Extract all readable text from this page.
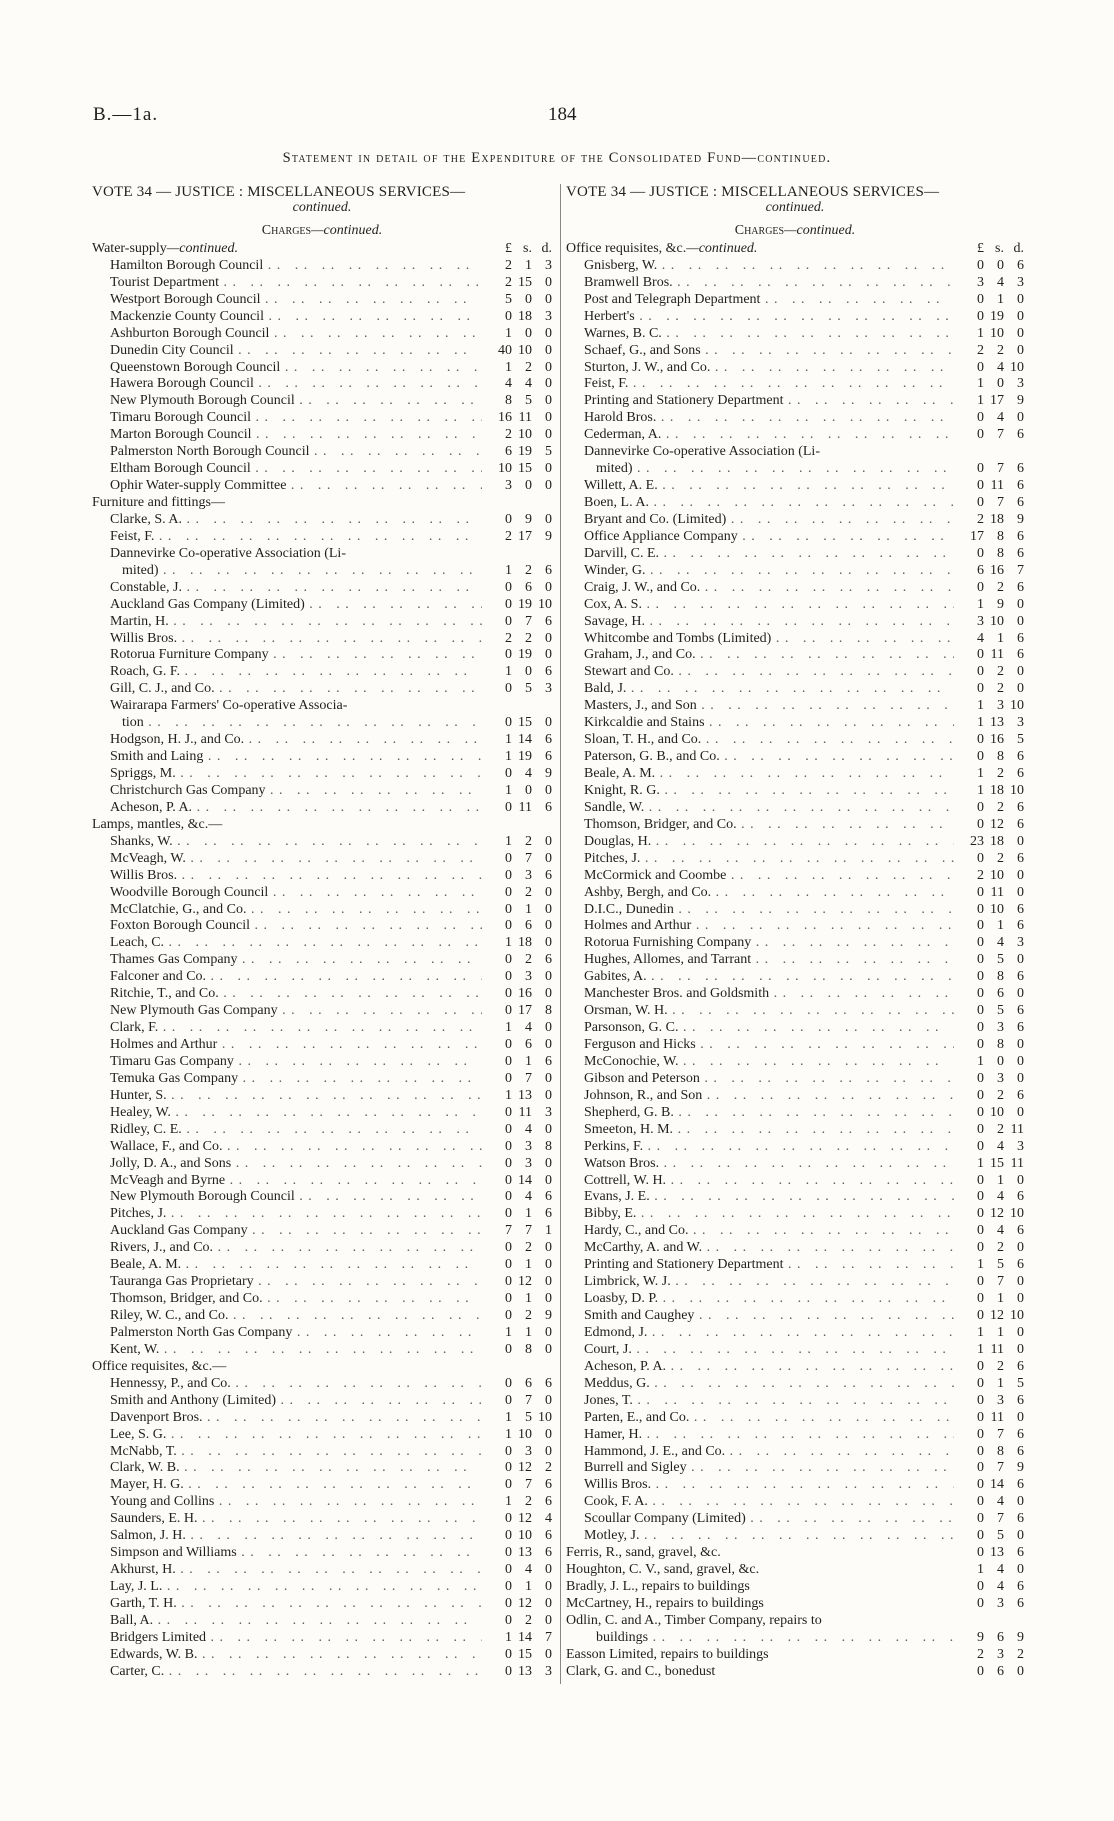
B.—1a.	184
Statement in detail of the Expenditure of the Consolidated Fund—continued.
VOTE 34 — JUSTICE : MISCELLANEOUS SERVICES—
continued.
Charges—continued.
Water-supply—continued.	£ s. d.
Hamilton Borough Council . .	2 1 3
Tourist Department . .	2 15 0
Westport Borough Council . .	5 0 0
Mackenzie County Council . .	0 18 3
Ashburton Borough Council . .	1 0 0
Dunedin City Council . .	40 10 0
Queenstown Borough Council . .	1 2 0
Hawera Borough Council . .	4 4 0
New Plymouth Borough Council . .	8 5 0
Timaru Borough Council . .	16 11 0
Marton Borough Council . .	2 10 0
Palmerston North Borough Council . .	6 19 5
Eltham Borough Council . .	10 15 0
Ophir Water-supply Committee . .	3 0 0
Furniture and fittings—
Clarke, S. A. . .	0 9 0
Feist, F. . .	2 17 9
Dannevirke Co-operative Association (Li-
mited) . .	1 2 6
Constable, J. . .	0 6 0
Auckland Gas Company (Limited) . .	0 19 10
Martin, H. . .	0 7 6
Willis Bros. . .	2 2 0
Rotorua Furniture Company . .	0 19 0
Roach, G. F. . .	1 0 6
Gill, C. J., and Co. . .	0 5 3
Wairarapa Farmers' Co-operative Associa-
tion . .	0 15 0
Hodgson, H. J., and Co. . .	1 14 6
Smith and Laing . .	1 19 6
Spriggs, M. . .	0 4 9
Christchurch Gas Company . .	1 0 0
Acheson, P. A. . .	0 11 6
Lamps, mantles, &c.—
Shanks, W. . .	1 2 0
McVeagh, W. . .	0 7 0
Willis Bros. . .	0 3 6
Woodville Borough Council . .	0 2 0
McClatchie, G., and Co. . .	0 1 0
Foxton Borough Council . .	0 6 0
Leach, C. . .	1 18 0
Thames Gas Company . .	0 2 6
Falconer and Co. . .	0 3 0
Ritchie, T., and Co. . .	0 16 0
New Plymouth Gas Company . .	0 17 8
Clark, F. . .	1 4 0
Holmes and Arthur . .	0 6 0
Timaru Gas Company . .	0 1 6
Temuka Gas Company . .	0 7 0
Hunter, S. . .	1 13 0
Healey, W. . .	0 11 3
Ridley, C. E. . .	0 4 0
Wallace, F., and Co. . .	0 3 8
Jolly, D. A., and Sons . .	0 3 0
McVeagh and Byrne . .	0 14 0
New Plymouth Borough Council . .	0 4 6
Pitches, J. . .	0 1 6
Auckland Gas Company . .	7 7 1
Rivers, J., and Co. . .	0 2 0
Beale, A. M. . .	0 1 0
Tauranga Gas Proprietary . .	0 12 0
Thomson, Bridger, and Co. . .	0 1 0
Riley, W. C., and Co. . .	0 2 9
Palmerston North Gas Company . .	1 1 0
Kent, W. . .	0 8 0
Office requisites, &c.—
Hennessy, P., and Co. . .	0 6 6
Smith and Anthony (Limited) . .	0 7 0
Davenport Bros. . .	1 5 10
Lee, S. G. . .	1 10 0
McNabb, T. . .	0 3 0
Clark, W. B. . .	0 12 2
Mayer, H. G. . .	0 7 6
Young and Collins . .	1 2 6
Saunders, E. H. . .	0 12 4
Salmon, J. H. . .	0 10 6
Simpson and Williams . .	0 13 6
Akhurst, H. . .	0 4 0
Lay, J. L. . .	0 1 0
Garth, T. H. . .	0 12 0
Ball, A. . .	0 2 0
Bridgers Limited . .	1 14 7
Edwards, W. B. . .	0 15 0
Carter, C. . .	0 13 3
VOTE 34 — JUSTICE : MISCELLANEOUS SERVICES—
continued.
Charges—continued.
Office requisites, &c.—continued.	£ s. d.
Gnisberg, W. . .	0 0 6
Bramwell Bros. . .	3 4 3
Post and Telegraph Department . .	0 1 0
Herbert's . .	0 19 0
Warnes, B. C. . .	1 10 0
Schaef, G., and Sons . .	2 2 0
Sturton, J. W., and Co. . .	0 4 10
Feist, F. . .	1 0 3
Printing and Stationery Department . .	1 17 9
Harold Bros. . .	0 4 0
Cederman, A. . .	0 7 6
Dannevirke Co-operative Association (Li-
mited) . .	0 7 6
Willett, A. E. . .	0 11 6
Boen, L. A. . .	0 7 6
Bryant and Co. (Limited) . .	2 18 9
Office Appliance Company . .	17 8 6
Darvill, C. E. . .	0 8 6
Winder, G. . .	6 16 7
Craig, J. W., and Co. . .	0 2 6
Cox, A. S. . .	1 9 0
Savage, H. . .	3 10 0
Whitcombe and Tombs (Limited) . .	4 1 6
Graham, J., and Co. . .	0 11 6
Stewart and Co. . .	0 2 0
Bald, J. . .	0 2 0
Masters, J., and Son . .	1 3 10
Kirkcaldie and Stains . .	1 13 3
Sloan, T. H., and Co. . .	0 16 5
Paterson, G. B., and Co. . .	0 8 6
Beale, A. M. . .	1 2 6
Knight, R. G. . .	1 18 10
Sandle, W. . .	0 2 6
Thomson, Bridger, and Co. . .	0 12 6
Douglas, H. . .	23 18 0
Pitches, J. . .	0 2 6
McCormick and Coombe . .	2 10 0
Ashby, Bergh, and Co. . .	0 11 0
D.I.C., Dunedin . .	0 10 6
Holmes and Arthur . .	0 1 6
Rotorua Furnishing Company . .	0 4 3
Hughes, Allomes, and Tarrant . .	0 5 0
Gabites, A. . .	0 8 6
Manchester Bros. and Goldsmith . .	0 6 0
Orsman, W. H. . .	0 5 6
Parsonson, G. C. . .	0 3 6
Ferguson and Hicks . .	0 8 0
McConochie, W. . .	1 0 0
Gibson and Peterson . .	0 3 0
Johnson, R., and Son . .	0 2 6
Shepherd, G. B. . .	0 10 0
Smeeton, H. M. . .	0 2 11
Perkins, F. . .	0 4 3
Watson Bros. . .	1 15 11
Cottrell, W. H. . .	0 1 0
Evans, J. E. . .	0 4 6
Bibby, E. . .	0 12 10
Hardy, C., and Co. . .	0 4 6
McCarthy, A. and W. . .	0 2 0
Printing and Stationery Department . .	1 5 6
Limbrick, W. J. . .	0 7 0
Loasby, D. P. . .	0 1 0
Smith and Caughey . .	0 12 10
Edmond, J. . .	1 1 0
Court, J. . .	1 11 0
Acheson, P. A. . .	0 2 6
Meddus, G. . .	0 1 5
Jones, T. . .	0 3 6
Parten, E., and Co. . .	0 11 0
Hamer, H. . .	0 7 6
Hammond, J. E., and Co. . .	0 8 6
Burrell and Sigley . .	0 7 9
Willis Bros. . .	0 14 6
Cook, F. A. . .	0 4 0
Scoullar Company (Limited) . .	0 7 6
Motley, J. . .	0 5 0
Ferris, R., sand, gravel, &c.	0 13 6
Houghton, C. V., sand, gravel, &c.	1 4 0
Bradly, J. L., repairs to buildings	0 4 6
McCartney, H., repairs to buildings	0 3 6
Odlin, C. and A., Timber Company, repairs to
buildings . .	9 6 9
Easson Limited, repairs to buildings	2 3 2
Clark, G. and C., bonedust	0 6 0
